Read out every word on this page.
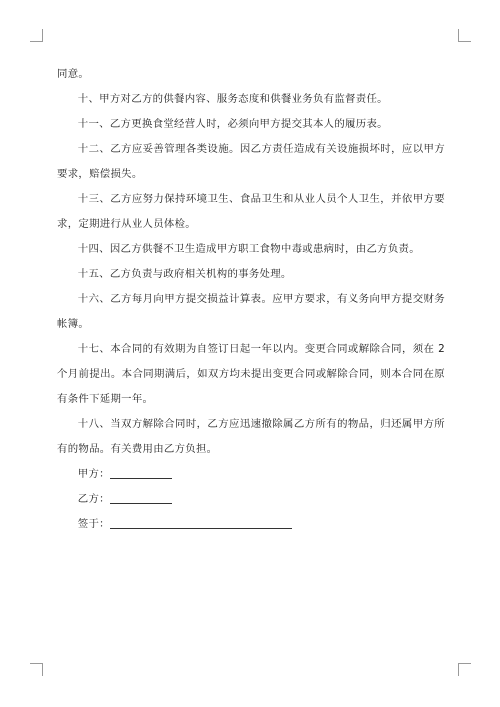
同意。

十、甲方对乙方的供餐内容、服务态度和供餐业务负有监督责任。

十一、乙方更换食堂经营人时，必须向甲方提交其本人的履历表。

十二、乙方应妥善管理各类设施。因乙方责任造成有关设施损坏时，应以甲方要求，赔偿损失。

十三、乙方应努力保持环境卫生、食品卫生和从业人员个人卫生，并依甲方要求，定期进行从业人员体检。

十四、因乙方供餐不卫生造成甲方职工食物中毒或患病时，由乙方负责。

十五、乙方负责与政府相关机构的事务处理。

十六、乙方每月向甲方提交损益计算表。应甲方要求，有义务向甲方提交财务帐簿。

十七、本合同的有效期为自签订日起一年以内。变更合同或解除合同，须在 2 个月前提出。本合同期满后，如双方均未提出变更合同或解除合同，则本合同在原有条件下延期一年。

十八、当双方解除合同时，乙方应迅速撤除属乙方所有的物品，归还属甲方所有的物品。有关费用由乙方负担。

甲方：

乙方：

签于：
